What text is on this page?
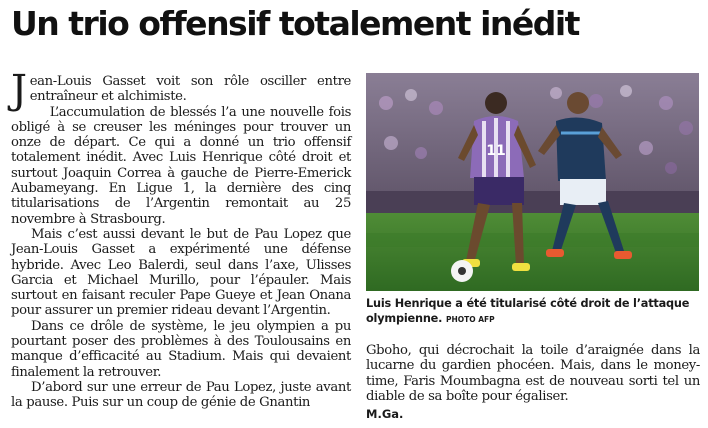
Un trio offensif totalement inédit

Jean-Louis Gasset voit son rôle osciller entre entraîneur et alchimiste.

L’accumulation de blessés l’a une nouvelle fois obligé à se creuser les méninges pour trouver un onze de départ. Ce qui a donné un trio offensif totalement inédit. Avec Luis Henrique côté droit et surtout Joaquin Correa à gauche de Pierre-Emerick Aubameyang. En Ligue 1, la dernière des cinq titularisations de l’Argentin remontait au 25 novembre à Strasbourg.

Mais c’est aussi devant le but de Pau Lopez que Jean-Louis Gasset a expérimenté une défense hybride. Avec Leo Balerdi, seul dans l’axe, Ulisses Garcia et Michael Murillo, pour l’épauler. Mais surtout en faisant reculer Pape Gueye et Jean Onana pour assurer un premier rideau devant l’Argentin.

Dans ce drôle de système, le jeu olympien a pu pourtant poser des problèmes à des Toulousains en manque d’efficacité au Stadium. Mais qui devaient finalement la retrouver.

D’abord sur une erreur de Pau Lopez, juste avant la pause. Puis sur un coup de génie de Gnantin

11
Luis Henrique a été titularisé côté droit de l’attaque olympienne. PHOTO AFP

Gboho, qui décrochait la toile d’araignée dans la lucarne du gardien phocéen. Mais, dans le money-time, Faris Moumbagna est de nouveau sorti tel un diable de sa boîte pour égaliser.

M.Ga.
